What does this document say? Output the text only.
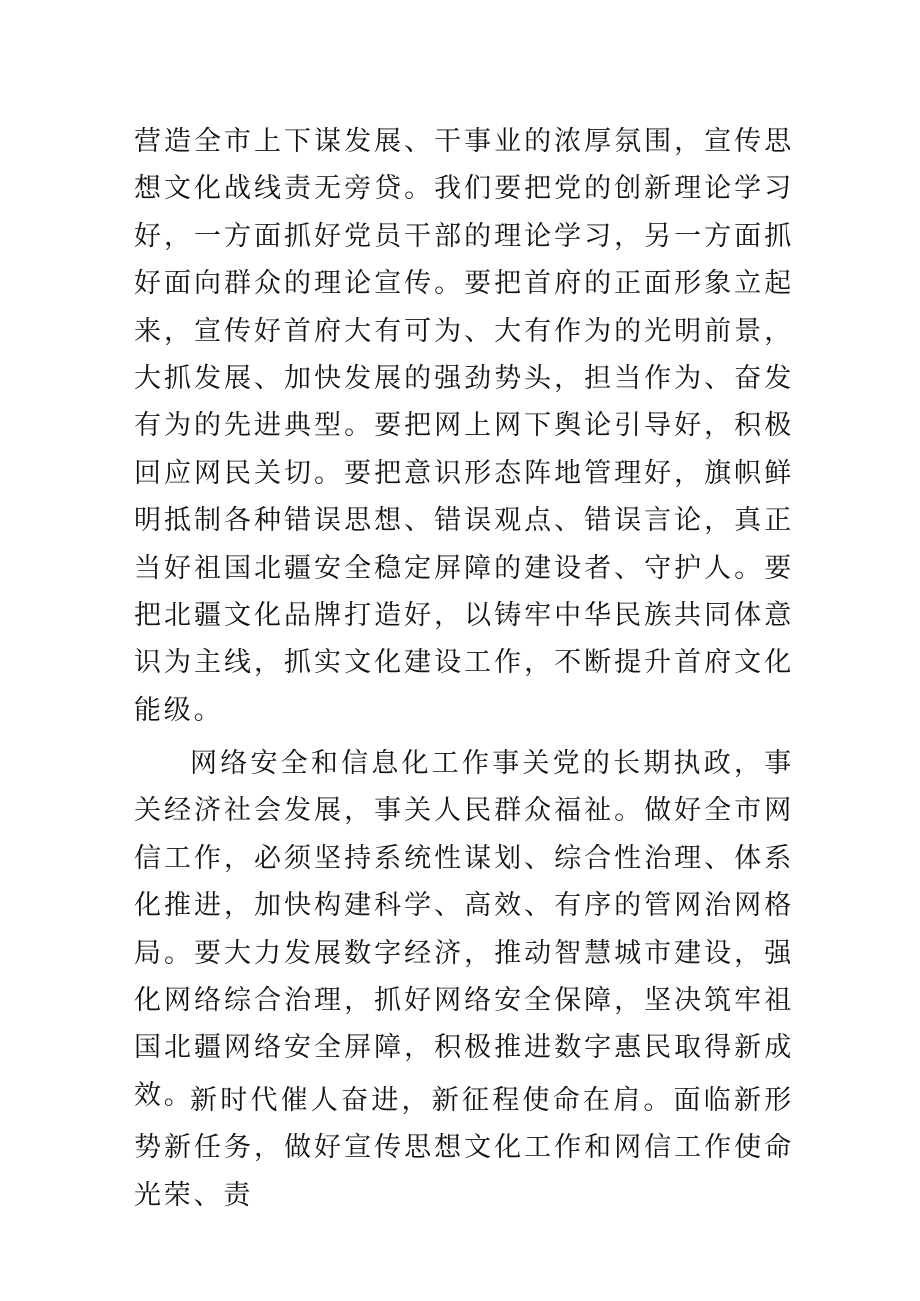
营造全市上下谋发展、干事业的浓厚氛围，宣传思想文化战线责无旁贷。我们要把党的创新理论学习好，一方面抓好党员干部的理论学习，另一方面抓好面向群众的理论宣传。要把首府的正面形象立起来，宣传好首府大有可为、大有作为的光明前景，大抓发展、加快发展的强劲势头，担当作为、奋发有为的先进典型。要把网上网下舆论引导好，积极回应网民关切。要把意识形态阵地管理好，旗帜鲜明抵制各种错误思想、错误观点、错误言论，真正当好祖国北疆安全稳定屏障的建设者、守护人。要把北疆文化品牌打造好，以铸牢中华民族共同体意识为主线，抓实文化建设工作，不断提升首府文化能级。

网络安全和信息化工作事关党的长期执政，事关经济社会发展，事关人民群众福祉。做好全市网信工作，必须坚持系统性谋划、综合性治理、体系化推进，加快构建科学、高效、有序的管网治网格局。要大力发展数字经济，推动智慧城市建设，强化网络综合治理，抓好网络安全保障，坚决筑牢祖国北疆网络安全屏障，积极推进数字惠民取得新成效。

新时代催人奋进，新征程使命在肩。面临新形势新任务，做好宣传思想文化工作和网信工作使命光荣、责
